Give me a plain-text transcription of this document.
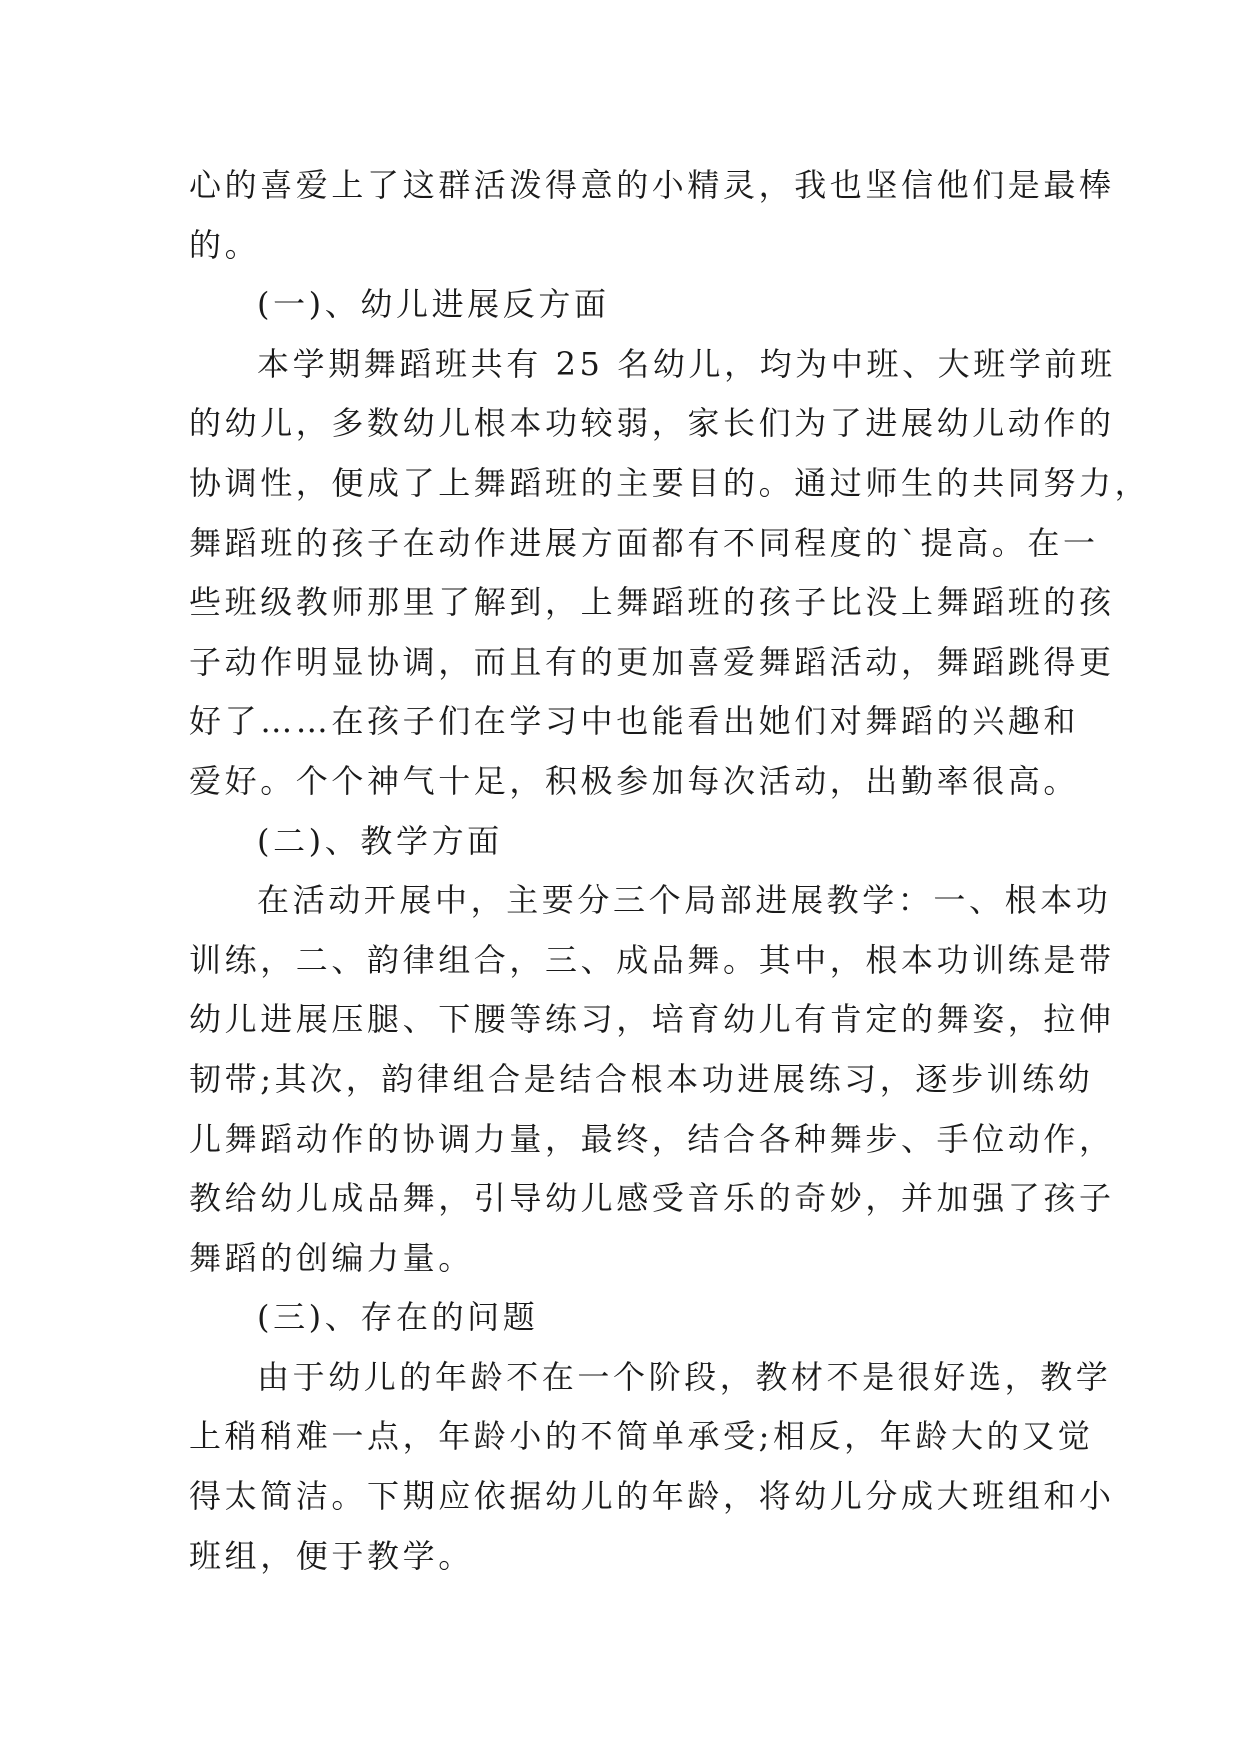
心的喜爱上了这群活泼得意的小精灵，我也坚信他们是最棒
的。
(一)、幼儿进展反方面
本学期舞蹈班共有 25 名幼儿，均为中班、大班学前班
的幼儿，多数幼儿根本功较弱，家长们为了进展幼儿动作的
协调性，便成了上舞蹈班的主要目的。通过师生的共同努力，
舞蹈班的孩子在动作进展方面都有不同程度的`提高。在一
些班级教师那里了解到，上舞蹈班的孩子比没上舞蹈班的孩
子动作明显协调，而且有的更加喜爱舞蹈活动，舞蹈跳得更
好了……在孩子们在学习中也能看出她们对舞蹈的兴趣和
爱好。个个神气十足，积极参加每次活动，出勤率很高。
(二)、教学方面
在活动开展中，主要分三个局部进展教学：一、根本功
训练，二、韵律组合，三、成品舞。其中，根本功训练是带
幼儿进展压腿、下腰等练习，培育幼儿有肯定的舞姿，拉伸
韧带;其次，韵律组合是结合根本功进展练习，逐步训练幼
儿舞蹈动作的协调力量，最终，结合各种舞步、手位动作，
教给幼儿成品舞，引导幼儿感受音乐的奇妙，并加强了孩子
舞蹈的创编力量。
(三)、存在的问题
由于幼儿的年龄不在一个阶段，教材不是很好选，教学
上稍稍难一点，年龄小的不简单承受;相反，年龄大的又觉
得太简洁。下期应依据幼儿的年龄，将幼儿分成大班组和小
班组，便于教学。
